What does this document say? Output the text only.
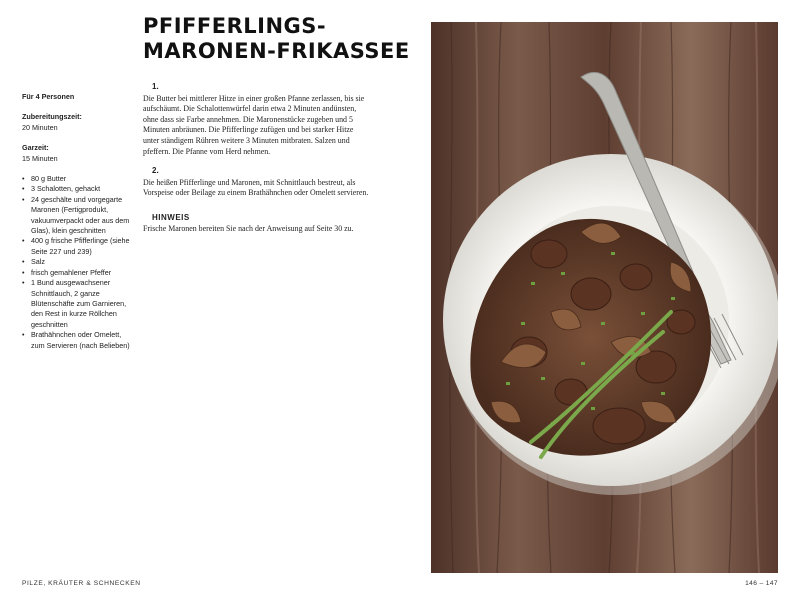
PFIFFERLINGS-
MARONEN-FRIKASSEE
Für 4 Personen
Zubereitungszeit:
20 Minuten
Garzeit:
15 Minuten
• 80 g Butter
• 3 Schalotten, gehackt
• 24 geschälte und vorgegarte Maronen (Fertigprodukt, vakuumverpackt oder aus dem Glas), klein geschnitten
• 400 g frische Pfifferlinge (siehe Seite 227 und 239)
• Salz
• frisch gemahlener Pfeffer
• 1 Bund ausgewachsener Schnittlauch, 2 ganze Blütenschäfte zum Garnieren, den Rest in kurze Röllchen geschnitten
• Brathähnchen oder Omelett, zum Servieren (nach Belieben)
1.
Die Butter bei mittlerer Hitze in einer großen Pfanne zerlassen, bis sie aufschäumt. Die Schalottenwürfel darin etwa 2 Minuten andünsten, ohne dass sie Farbe annehmen. Die Maronenstücke zugeben und 5 Minuten anbräunen. Die Pfifferlinge zufügen und bei starker Hitze unter ständigem Rühren weitere 3 Minuten mitbraten. Salzen und pfeffern. Die Pfanne vom Herd nehmen.
2.
Die heißen Pfifferlinge und Maronen, mit Schnittlauch bestreut, als Vorspeise oder Beilage zu einem Brathähnchen oder Omelett servieren.
HINWEIS
Frische Maronen bereiten Sie nach der Anweisung auf Seite 30 zu.
PILZE, KRÄUTER & SCHNECKEN	146 – 147
